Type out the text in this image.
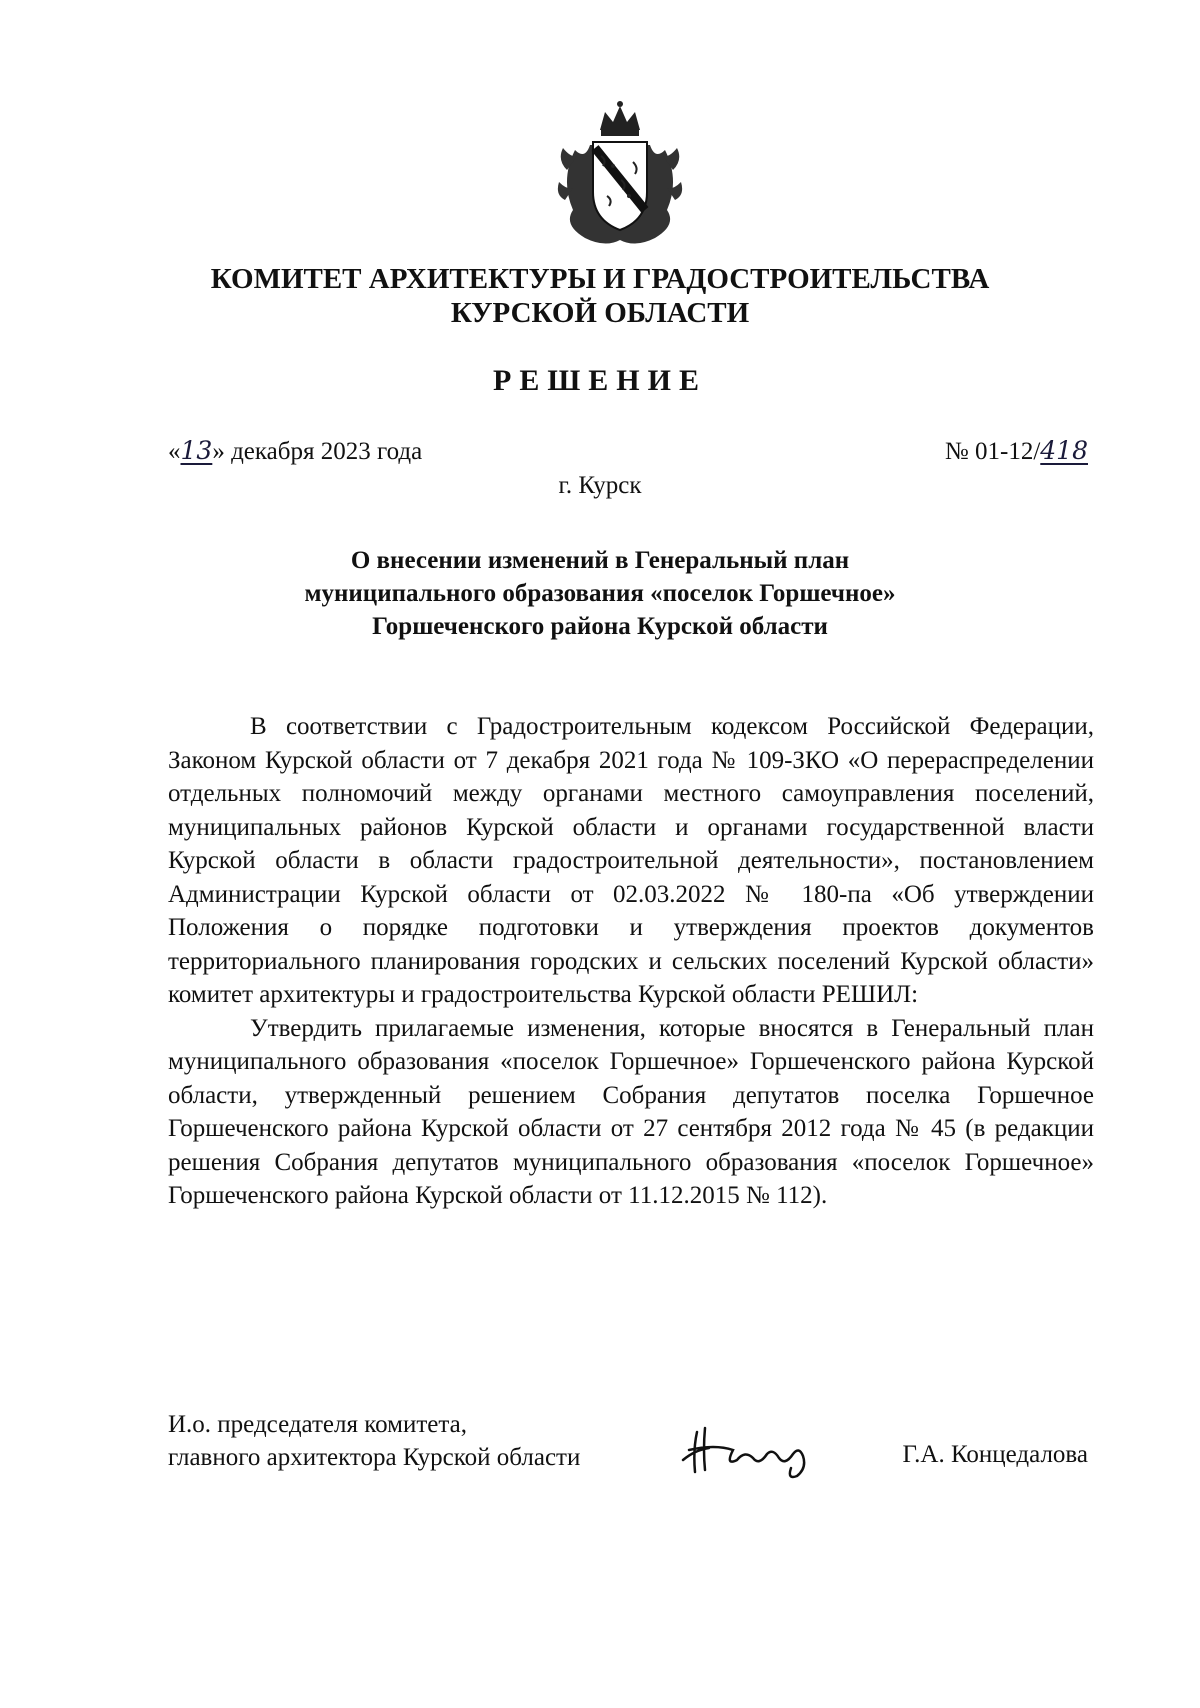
КОМИТЕТ АРХИТЕКТУРЫ И ГРАДОСТРОИТЕЛЬСТВА
КУРСКОЙ ОБЛАСТИ
РЕШЕНИЕ
«13» декабря 2023 года	№ 01-12/418
г. Курск
О внесении изменений в Генеральный план
муниципального образования «поселок Горшечное»
Горшеченского района Курской области

В соответствии с Градостроительным кодексом Российской Федерации, Законом Курской области от 7 декабря 2021 года № 109-ЗКО «О перераспределении отдельных полномочий между органами местного самоуправления поселений, муниципальных районов Курской области и органами государственной власти Курской области в области градостроительной деятельности», постановлением Администрации Курской области от 02.03.2022 № 180-па «Об утверждении Положения о порядке подготовки и утверждения проектов документов территориального планирования городских и сельских поселений Курской области» комитет архитектуры и градостроительства Курской области РЕШИЛ:

Утвердить прилагаемые изменения, которые вносятся в Генеральный план муниципального образования «поселок Горшечное» Горшеченского района Курской области, утвержденный решением Собрания депутатов поселка Горшечное Горшеченского района Курской области от 27 сентября 2012 года № 45 (в редакции решения Собрания депутатов муниципального образования «поселок Горшечное» Горшеченского района Курской области от 11.12.2015 № 112).

И.о. председателя комитета,
главного архитектора Курской области	Г.А. Концедалова
